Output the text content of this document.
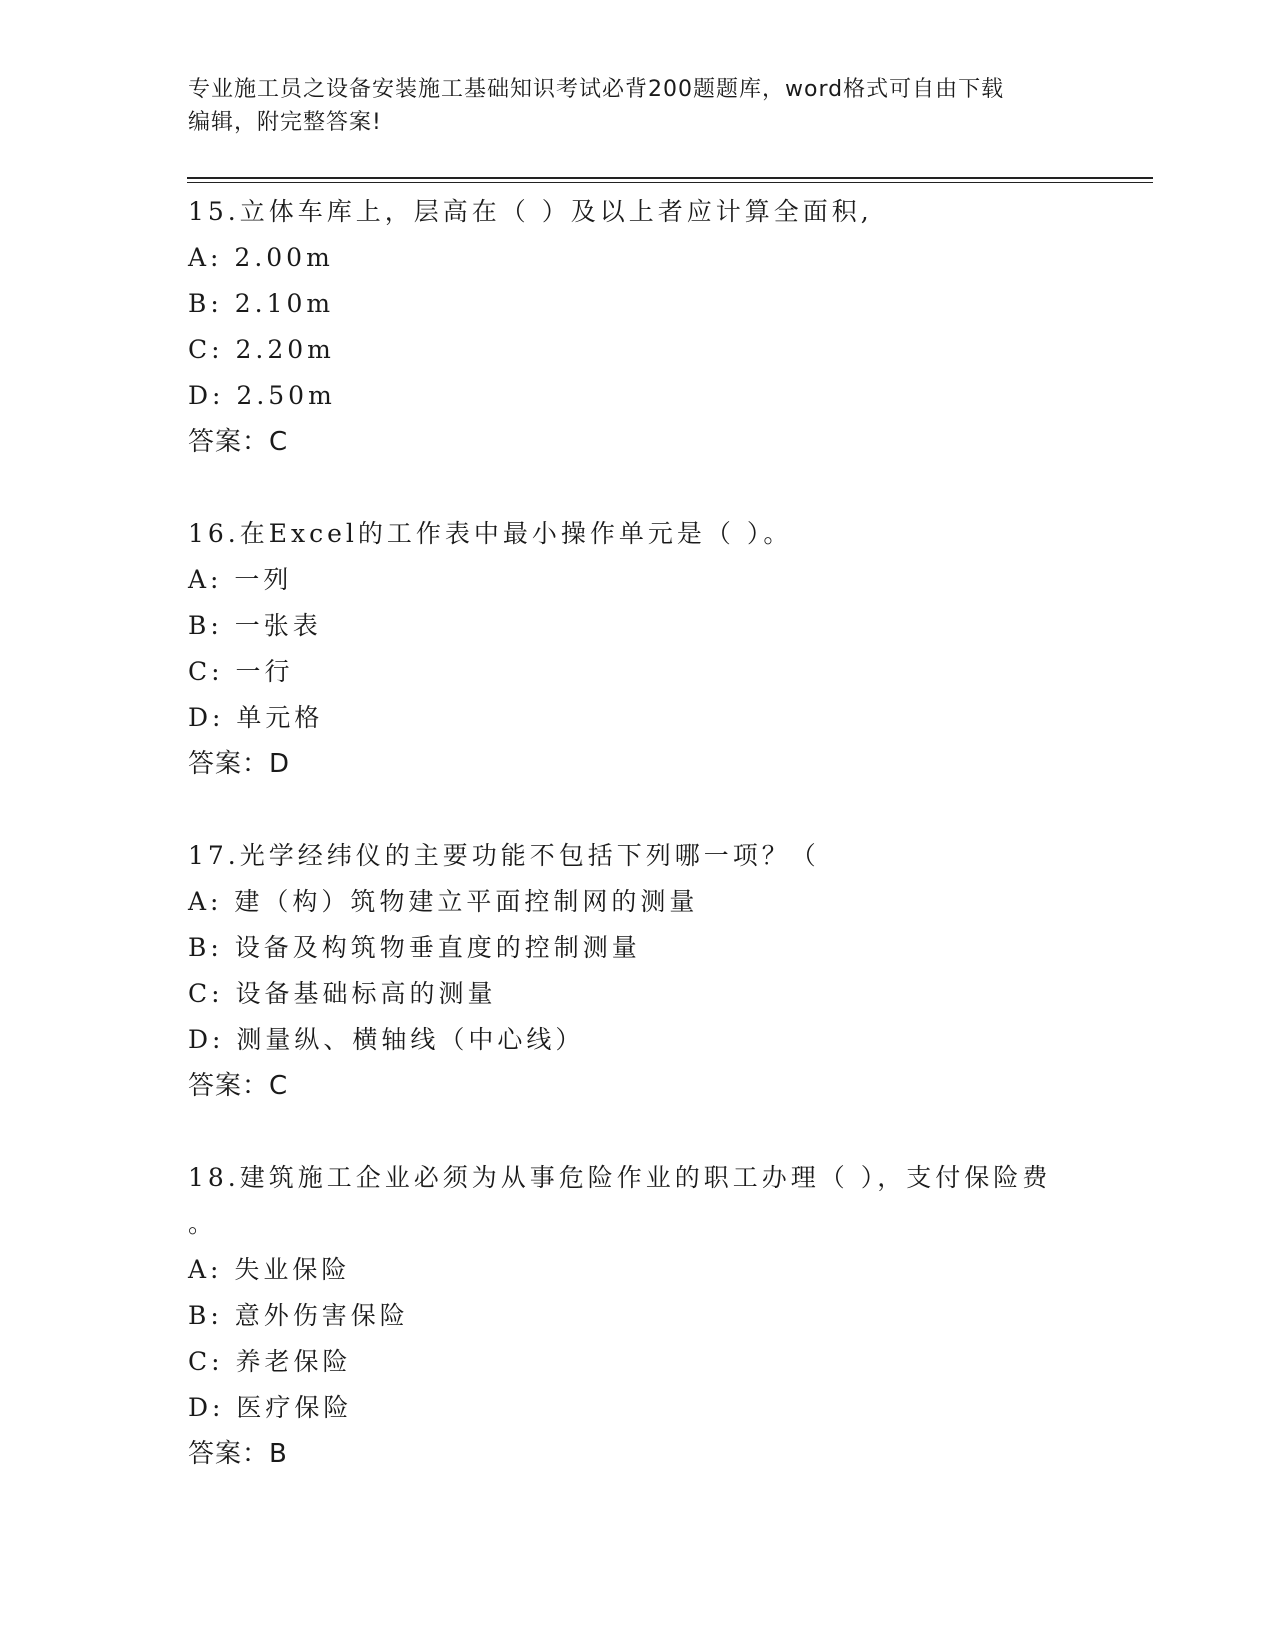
专业施工员之设备安装施工基础知识考试必背200题题库，word格式可自由下载
编辑，附完整答案!
15.立体车库上，层高在（ ）及以上者应计算全面积,
A: 2.00m
B: 2.10m
C: 2.20m
D: 2.50m
答案：C
16.在Excel的工作表中最小操作单元是（ ）。
A: 一列
B: 一张表
C: 一行
D: 单元格
答案：D
17.光学经纬仪的主要功能不包括下列哪一项？（
A: 建（构）筑物建立平面控制网的测量
B: 设备及构筑物垂直度的控制测量
C: 设备基础标高的测量
D: 测量纵、横轴线（中心线）
答案：C
18.建筑施工企业必须为从事危险作业的职工办理（ ），支付保险费
。
A: 失业保险
B: 意外伤害保险
C: 养老保险
D: 医疗保险
答案：B
